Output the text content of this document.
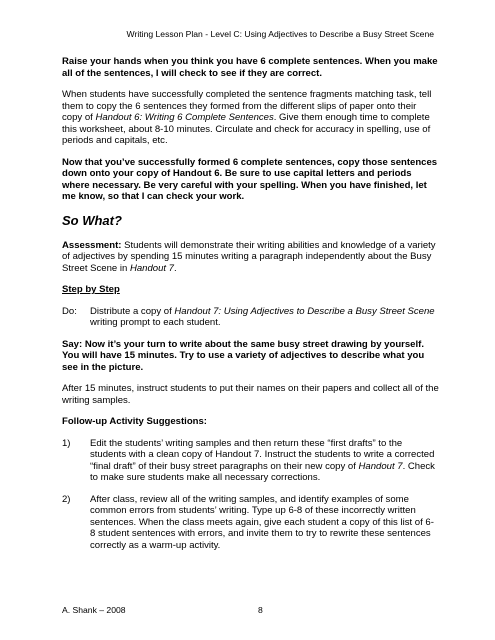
Writing Lesson Plan - Level C: Using Adjectives to Describe a Busy Street Scene

Raise your hands when you think you have 6 complete sentences. When you make all of the sentences, I will check to see if they are correct.

When students have successfully completed the sentence fragments matching task, tell them to copy the 6 sentences they formed from the different slips of paper onto their copy of Handout 6: Writing 6 Complete Sentences. Give them enough time to complete this worksheet, about 8-10 minutes. Circulate and check for accuracy in spelling, use of periods and capitals, etc.

Now that you’ve successfully formed 6 complete sentences, copy those sentences down onto your copy of Handout 6. Be sure to use capital letters and periods where necessary. Be very careful with your spelling. When you have finished, let me know, so that I can check your work.

So What?

Assessment: Students will demonstrate their writing abilities and knowledge of a variety of adjectives by spending 15 minutes writing a paragraph independently about the Busy Street Scene in Handout 7.

Step by Step

Do:	Distribute a copy of Handout 7: Using Adjectives to Describe a Busy Street Scene writing prompt to each student.

Say: Now it’s your turn to write about the same busy street drawing by yourself. You will have 15 minutes. Try to use a variety of adjectives to describe what you see in the picture.

After 15 minutes, instruct students to put their names on their papers and collect all of the writing samples.

Follow-up Activity Suggestions:

1)	Edit the students’ writing samples and then return these “first drafts” to the students with a clean copy of Handout 7. Instruct the students to write a corrected “final draft” of their busy street paragraphs on their new copy of Handout 7. Check to make sure students make all necessary corrections.
2)	After class, review all of the writing samples, and identify examples of some common errors from students’ writing. Type up 6-8 of these incorrectly written sentences. When the class meets again, give each student a copy of this list of 6-8 student sentences with errors, and invite them to try to rewrite these sentences correctly as a warm-up activity.
A. Shank – 2008	8
